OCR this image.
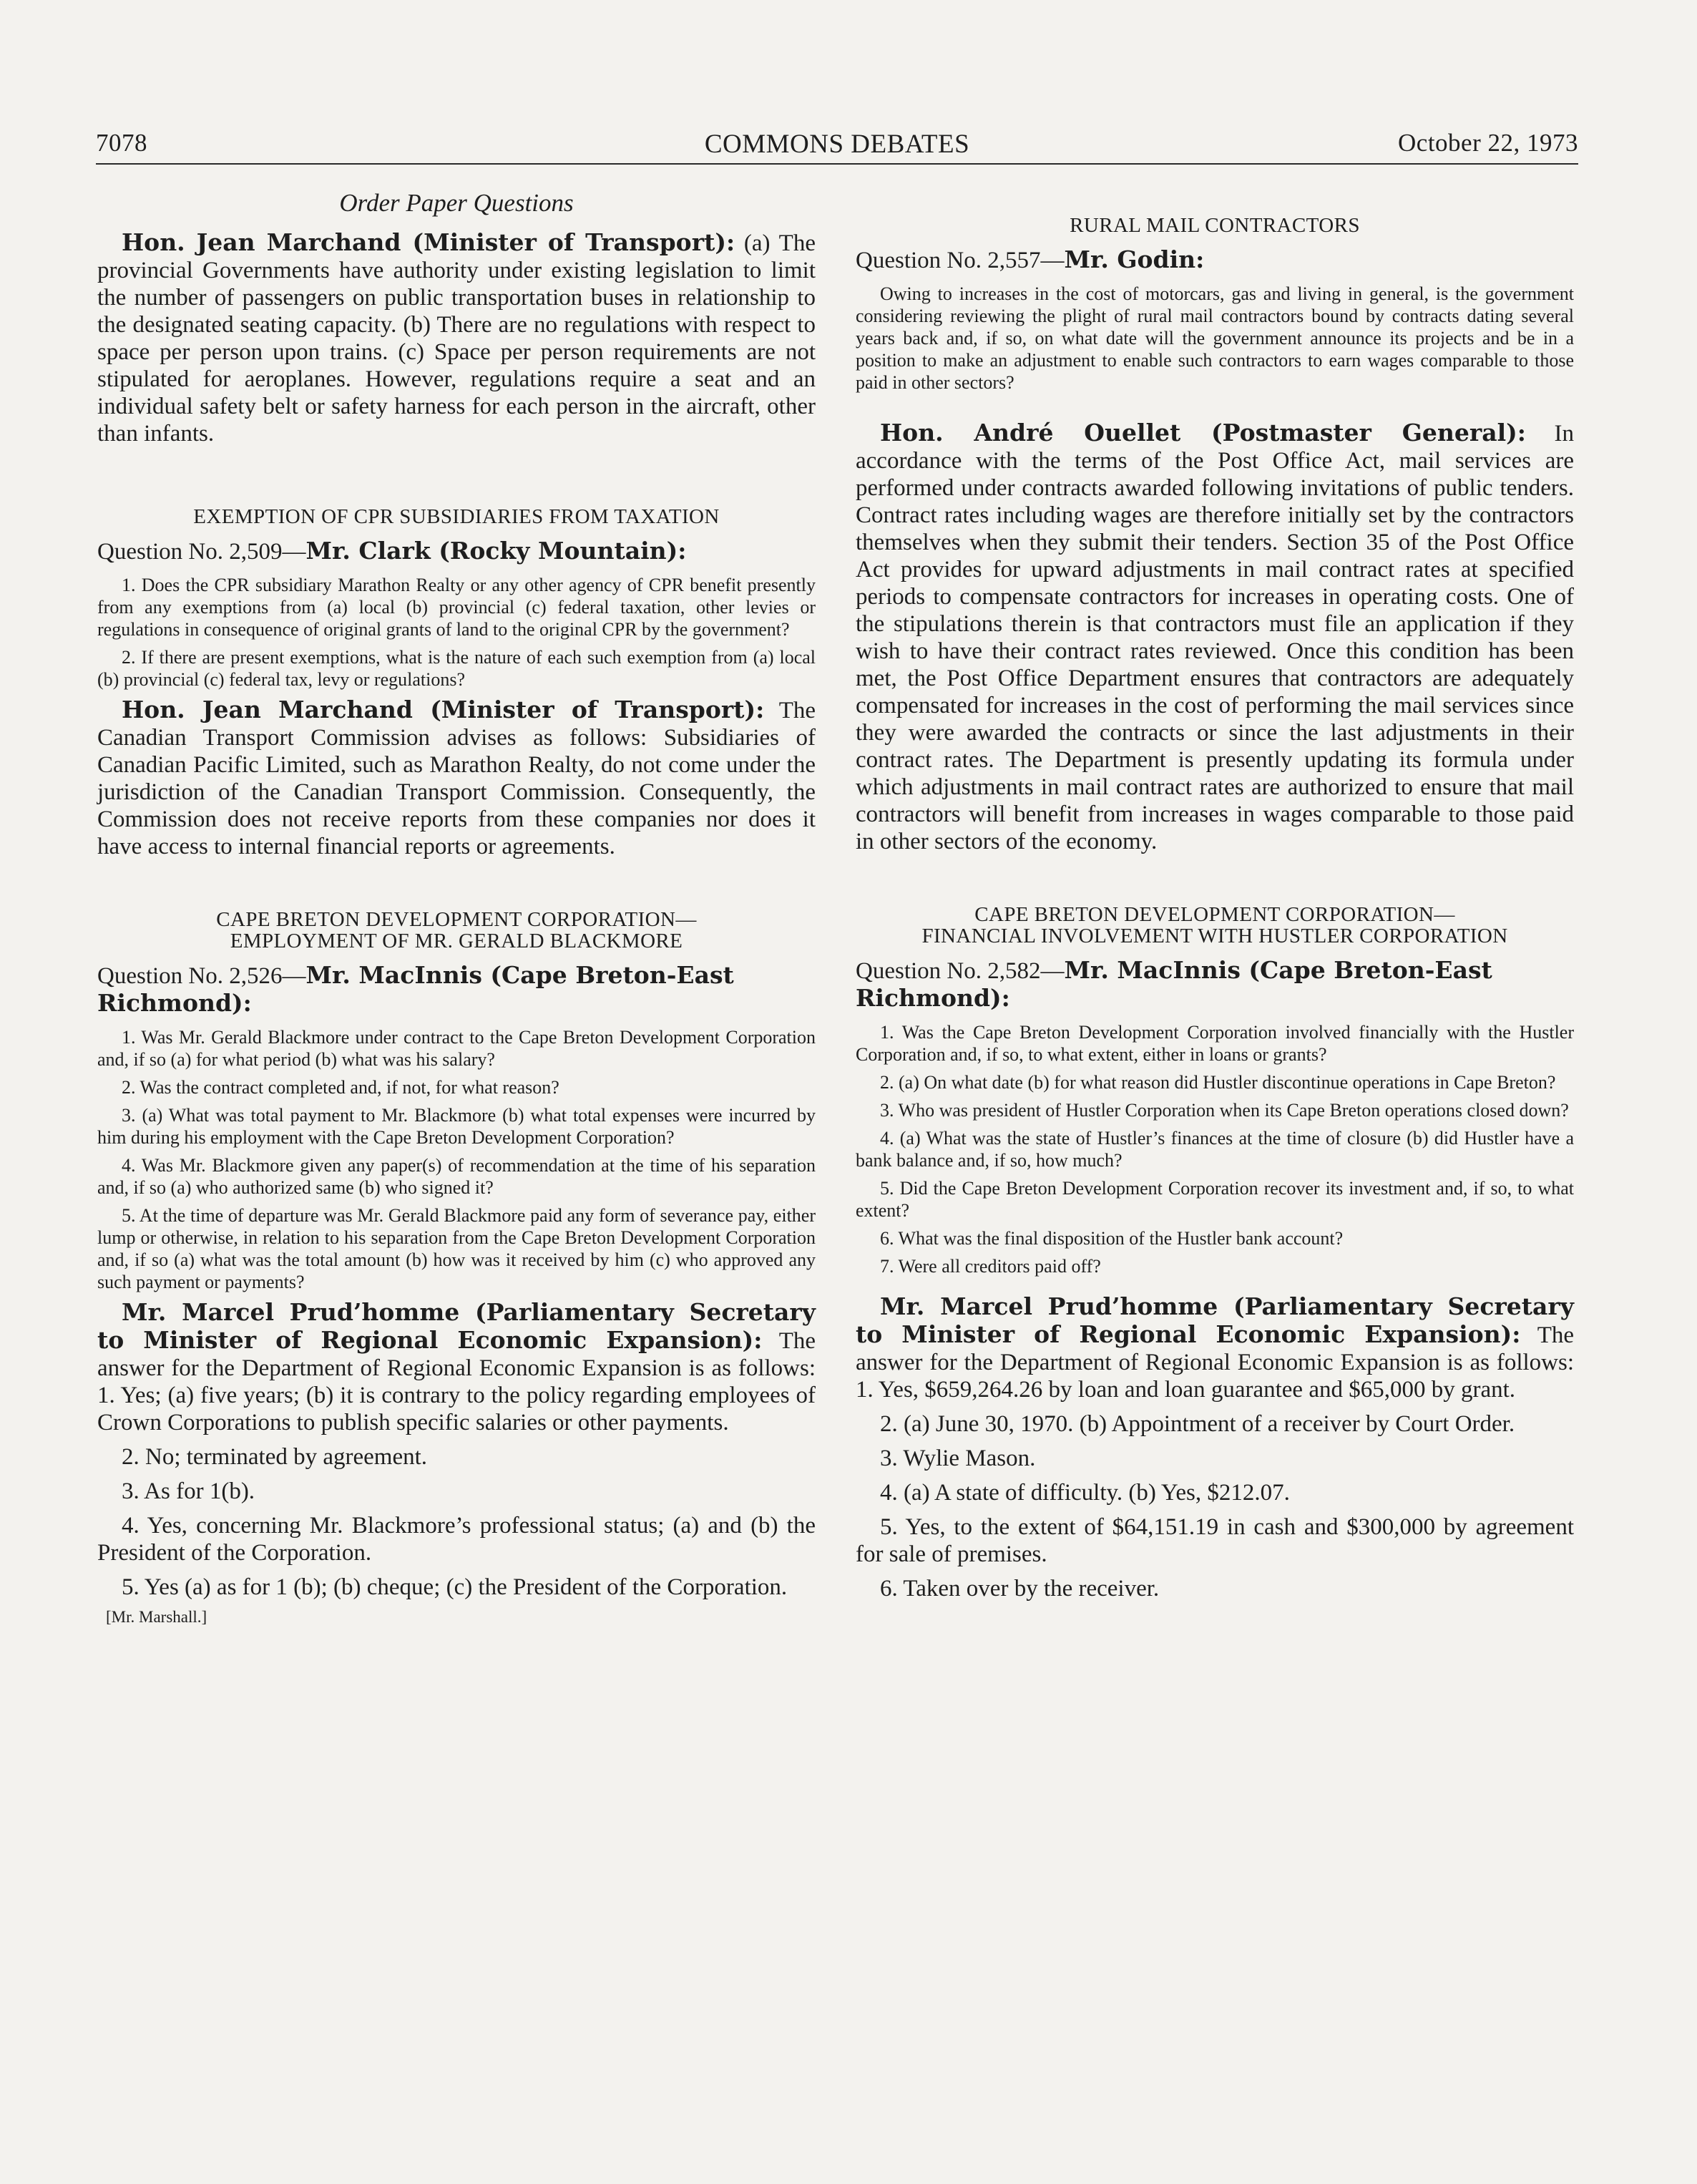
7078	COMMONS DEBATES	October 22, 1973
Order Paper Questions

Hon. Jean Marchand (Minister of Transport): (a) The provincial Governments have authority under existing legislation to limit the number of passengers on public transportation buses in relationship to the designated seating capacity. (b) There are no regulations with respect to space per person upon trains. (c) Space per person requirements are not stipulated for aeroplanes. However, regulations require a seat and an individual safety belt or safety harness for each person in the aircraft, other than infants.

EXEMPTION OF CPR SUBSIDIARIES FROM TAXATION

Question No. 2,509—Mr. Clark (Rocky Mountain):

1. Does the CPR subsidiary Marathon Realty or any other agency of CPR benefit presently from any exemptions from (a) local (b) provincial (c) federal taxation, other levies or regulations in consequence of original grants of land to the original CPR by the government?

2. If there are present exemptions, what is the nature of each such exemption from (a) local (b) provincial (c) federal tax, levy or regulations?

Hon. Jean Marchand (Minister of Transport): The Canadian Transport Commission advises as follows: Subsidiaries of Canadian Pacific Limited, such as Marathon Realty, do not come under the jurisdiction of the Canadian Transport Commission. Consequently, the Commission does not receive reports from these companies nor does it have access to internal financial reports or agreements.

CAPE BRETON DEVELOPMENT CORPORATION—
EMPLOYMENT OF MR. GERALD BLACKMORE

Question No. 2,526—Mr. MacInnis (Cape Breton-East Richmond):

1. Was Mr. Gerald Blackmore under contract to the Cape Breton Development Corporation and, if so (a) for what period (b) what was his salary?

2. Was the contract completed and, if not, for what reason?

3. (a) What was total payment to Mr. Blackmore (b) what total expenses were incurred by him during his employment with the Cape Breton Development Corporation?

4. Was Mr. Blackmore given any paper(s) of recommendation at the time of his separation and, if so (a) who authorized same (b) who signed it?

5. At the time of departure was Mr. Gerald Blackmore paid any form of severance pay, either lump or otherwise, in relation to his separation from the Cape Breton Development Corporation and, if so (a) what was the total amount (b) how was it received by him (c) who approved any such payment or payments?

Mr. Marcel Prud’homme (Parliamentary Secretary to Minister of Regional Economic Expansion): The answer for the Department of Regional Economic Expansion is as follows: 1. Yes; (a) five years; (b) it is contrary to the policy regarding employees of Crown Corporations to publish specific salaries or other payments.

2. No; terminated by agreement.

3. As for 1(b).

4. Yes, concerning Mr. Blackmore’s professional status; (a) and (b) the President of the Corporation.

5. Yes (a) as for 1 (b); (b) cheque; (c) the President of the Corporation.

[Mr. Marshall.]
RURAL MAIL CONTRACTORS

Question No. 2,557—Mr. Godin:

Owing to increases in the cost of motorcars, gas and living in general, is the government considering reviewing the plight of rural mail contractors bound by contracts dating several years back and, if so, on what date will the government announce its projects and be in a position to make an adjustment to enable such contractors to earn wages comparable to those paid in other sectors?

Hon. André Ouellet (Postmaster General): In accordance with the terms of the Post Office Act, mail services are performed under contracts awarded following invitations of public tenders. Contract rates including wages are therefore initially set by the contractors themselves when they submit their tenders. Section 35 of the Post Office Act provides for upward adjustments in mail contract rates at specified periods to compensate contractors for increases in operating costs. One of the stipulations therein is that contractors must file an application if they wish to have their contract rates reviewed. Once this condition has been met, the Post Office Department ensures that contractors are adequately compensated for increases in the cost of performing the mail services since they were awarded the contracts or since the last adjustments in their contract rates. The Department is presently updating its formula under which adjustments in mail contract rates are authorized to ensure that mail contractors will benefit from increases in wages comparable to those paid in other sectors of the economy.

CAPE BRETON DEVELOPMENT CORPORATION—
FINANCIAL INVOLVEMENT WITH HUSTLER CORPORATION

Question No. 2,582—Mr. MacInnis (Cape Breton-East Richmond):

1. Was the Cape Breton Development Corporation involved financially with the Hustler Corporation and, if so, to what extent, either in loans or grants?

2. (a) On what date (b) for what reason did Hustler discontinue operations in Cape Breton?

3. Who was president of Hustler Corporation when its Cape Breton operations closed down?

4. (a) What was the state of Hustler’s finances at the time of closure (b) did Hustler have a bank balance and, if so, how much?

5. Did the Cape Breton Development Corporation recover its investment and, if so, to what extent?

6. What was the final disposition of the Hustler bank account?

7. Were all creditors paid off?

Mr. Marcel Prud’homme (Parliamentary Secretary to Minister of Regional Economic Expansion): The answer for the Department of Regional Economic Expansion is as follows: 1. Yes, $659,264.26 by loan and loan guarantee and $65,000 by grant.

2. (a) June 30, 1970. (b) Appointment of a receiver by Court Order.

3. Wylie Mason.

4. (a) A state of difficulty. (b) Yes, $212.07.

5. Yes, to the extent of $64,151.19 in cash and $300,000 by agreement for sale of premises.

6. Taken over by the receiver.
